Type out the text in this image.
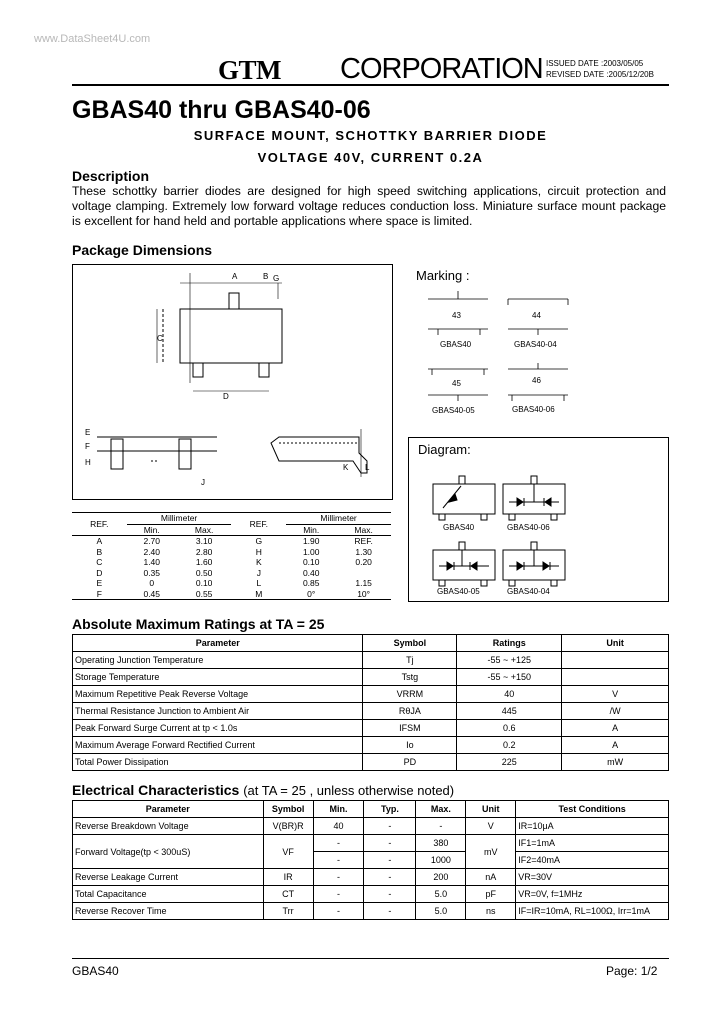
www.DataSheet4U.com
GTM CORPORATION ISSUED DATE :2003/05/05
REVISED DATE :2005/12/20B
GBAS40 thru GBAS40-06
SURFACE MOUNT, SCHOTTKY BARRIER DIODE
VOLTAGE 40V, CURRENT 0.2A
Description
These schottky barrier diodes are designed for high speed switching applications, circuit protection and voltage clamping. Extremely low forward voltage reduces conduction loss. Miniature surface mount package is excellent for hand held and portable applications where space is limited.
Package Dimensions
A	B
C
D
E
F
G
H
J
K L
Marking :
43
GBAS40
44
GBAS40-04
45
GBAS40-05
46
GBAS40-06
Diagram:
GBAS40	GBAS40-06
GBAS40-05	GBAS40-04
REF.	Millimeter		REF.	Millimeter	
	Min.	Max.		Min.	Max.
A	2.70	3.10	G	1.90	REF.
B	2.40	2.80	H	1.00	1.30
C	1.40	1.60	K	0.10	0.20
D	0.35	0.50	J	0.40	
E	0	0.10	L	0.85	1.15
F	0.45	0.55	M	0°	10°
Absolute Maximum Ratings at TA = 25
Parameter	Symbol	Ratings	Unit
Operating Junction Temperature	Tj	-55 ~ +125	
Storage Temperature	Tstg	-55 ~ +150	
Maximum Repetitive Peak Reverse Voltage	VRRM	40	V
Thermal Resistance Junction to Ambient Air	RθJA	445	/W
Peak Forward Surge Current at tp < 1.0s	IFSM	0.6	A
Maximum Average Forward Rectified Current	Io	0.2	A
Total Power Dissipation	PD	225	mW
Electrical Characteristics (at TA = 25 , unless otherwise noted)
Parameter	Symbol	Min.	Typ.	Max.	Unit	Test Conditions
Reverse Breakdown Voltage	V(BR)R	40	-	-	V	IR=10μA
Forward Voltage(tp < 300uS)	VF	-	-	380	mV	IF1=1mA
		-	-	1000		IF2=40mA
Reverse Leakage Current	IR	-	-	200	nA	VR=30V
Total Capacitance	CT	-	-	5.0	pF	VR=0V, f=1MHz
Reverse Recover Time	Trr	-	-	5.0	ns	IF=IR=10mA, RL=100Ω, Irr=1mA
GBAS40	Page: 1/2
